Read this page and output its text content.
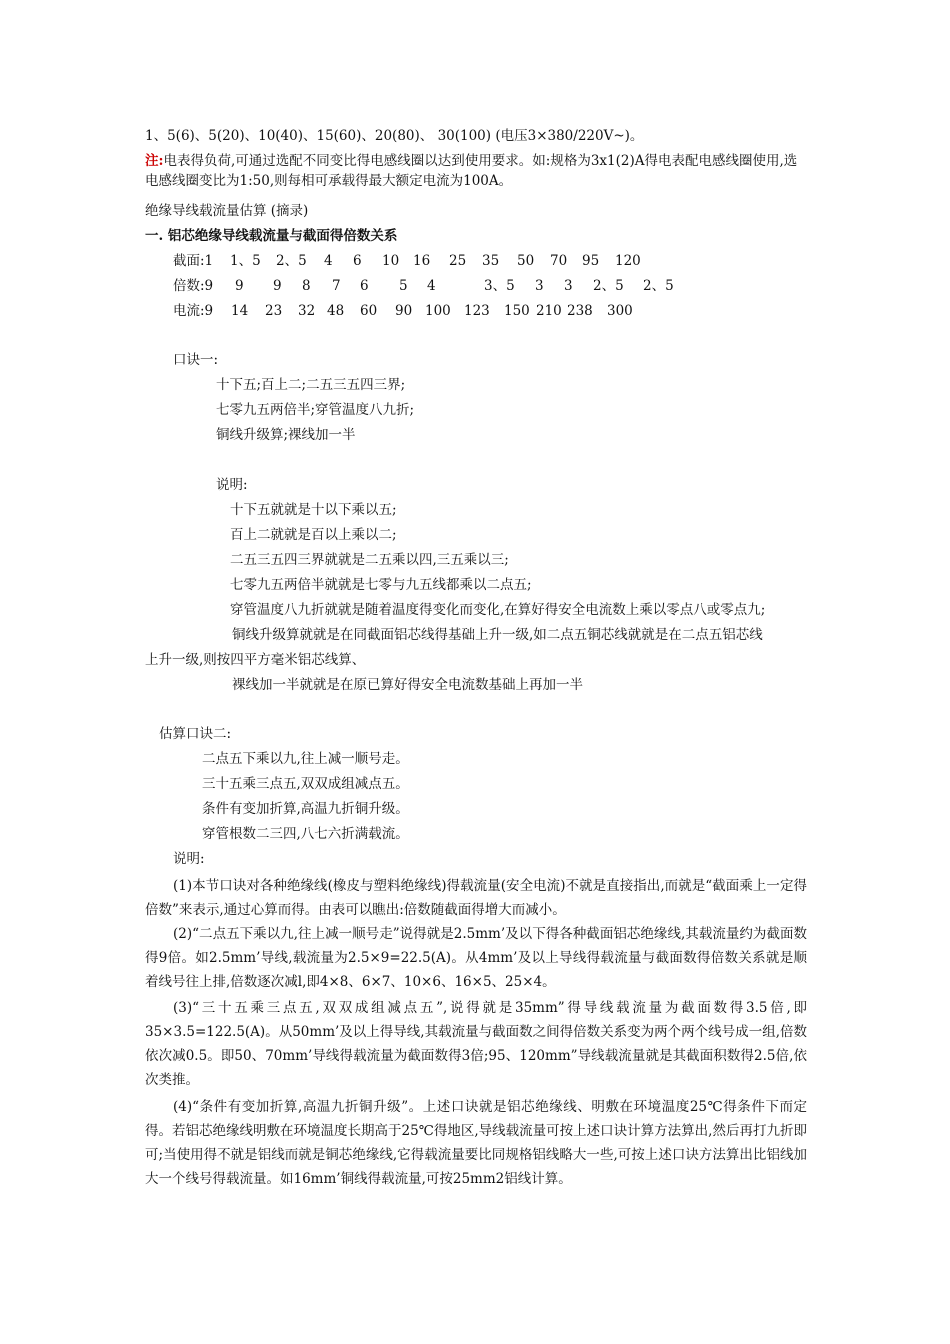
1、5(6)、5(20)、10(40)、15(60)、20(80)、 30(100) (电压3×380/220V~)。
注:电表得负荷,可通过选配不同变比得电感线圈以达到使用要求。如:规格为3x1(2)A得电表配电感线圈使用,选电感线圈变比为1:50,则每相可承载得最大额定电流为100A。
绝缘导线载流量估算 (摘录)
一. 铝芯绝缘导线载流量与截面得倍数关系
截面:1 1、5 2、5 4 6 10 16 25 35 50 70 95 120
倍数:9 9 9 8 7 6 5 4	3、5 3 3 2、5 2、5
电流:9 14 23 32 48 60 90 100 123 150 210 238 300
口诀一:
十下五;百上二;二五三五四三界;
七零九五两倍半;穿管温度八九折;
铜线升级算;裸线加一半
说明:
十下五就就是十以下乘以五;
百上二就就是百以上乘以二;
二五三五四三界就就是二五乘以四,三五乘以三;
七零九五两倍半就就是七零与九五线都乘以二点五;
穿管温度八九折就就是随着温度得变化而变化,在算好得安全电流数上乘以零点八或零点九;
铜线升级算就就是在同截面铝芯线得基础上升一级,如二点五铜芯线就就是在二点五铝芯线
上升一级,则按四平方毫米铝芯线算、
裸线加一半就就是在原已算好得安全电流数基础上再加一半
估算口诀二:
二点五下乘以九,往上减一顺号走。
三十五乘三点五,双双成组减点五。
条件有变加折算,高温九折铜升级。
穿管根数二三四,八七六折满载流。
说明:
(1)本节口诀对各种绝缘线(橡皮与塑料绝缘线)得载流量(安全电流)不就是直接指出,而就是“截面乘上一定得倍数”来表示,通过心算而得。由表可以瞧出:倍数随截面得增大而减小。
(2)“二点五下乘以九,往上减一顺号走”说得就是2.5mm’及以下得各种截面铝芯绝缘线,其载流量约为截面数得9倍。如2.5mm’导线,载流量为2.5×9=22.5(A)。从4mm’及以上导线得载流量与截面数得倍数关系就是顺着线号往上排,倍数逐次减l,即4×8、6×7、10×6、16×5、25×4。
(3)“三十五乘三点五,双双成组减点五”,说得就是35mm”得导线载流量为截面数得3.5倍,即35×3.5=122.5(A)。从50mm’及以上得导线,其载流量与截面数之间得倍数关系变为两个两个线号成一组,倍数依次减0.5。即50、70mm’导线得载流量为截面数得3倍;95、120mm”导线载流量就是其截面积数得2.5倍,依次类推。
(4)“条件有变加折算,高温九折铜升级”。上述口诀就是铝芯绝缘线、明敷在环境温度25℃得条件下而定得。若铝芯绝缘线明敷在环境温度长期高于25℃得地区,导线载流量可按上述口诀计算方法算出,然后再打九折即可;当使用得不就是铝线而就是铜芯绝缘线,它得载流量要比同规格铝线略大一些,可按上述口诀方法算出比铝线加大一个线号得载流量。如16mm’铜线得载流量,可按25mm2铝线计算。
